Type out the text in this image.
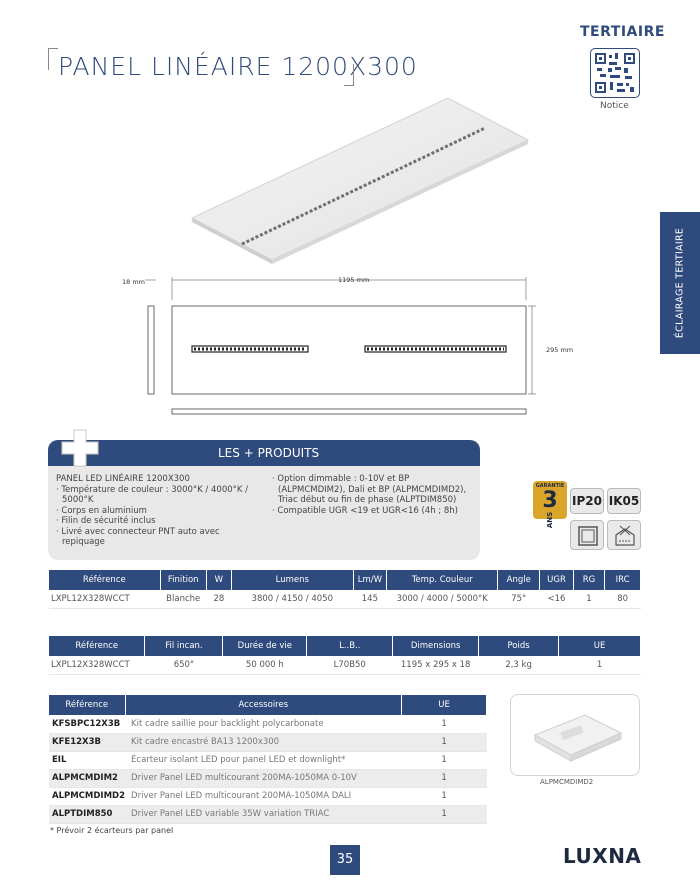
PANEL LINÉAIRE 1200X300
TERTIAIRE
Notice
ÉCLAIRAGE TERTIAIRE
18 mm	1195 mm
295 mm
LES + PRODUITS
PANEL LED LINÉAIRE 1200X300
· Température de couleur : 3000°K / 4000°K /
5000°K
· Corps en aluminium
· Filin de sécurité inclus
· Livré avec connecteur PNT auto avec
repiquage
· Option dimmable : 0-10V et BP
(ALPMCMDIM2), Dali et BP (ALPMCMDIMD2),
Triac début ou fin de phase (ALPTDIM850)
· Compatible UGR <19 et UGR<16 (4h ; 8h)
GARANTIE
3 ANS
IP20 IK05
Référence	Finition	W	Lumens	Lm/W	Temp. Couleur	Angle	UGR	RG	IRC
LXPL12X328WCCT	Blanche	28	3800 / 4150 / 4050	145	3000 / 4000 / 5000°K	75°	<16	1	80
Référence	Fil incan.	Durée de vie	L..B..	Dimensions	Poids	UE
LXPL12X328WCCT	650°	50 000 h	L70B50	1195 x 295 x 18	2,3 kg	1
Référence	Accessoires	UE
KFSBPC12X3B	Kit cadre saillie pour backlight polycarbonate	1
KFE12X3B	Kit cadre encastré BA13 1200x300	1
EIL	Écarteur isolant LED pour panel LED et downlight*	1
ALPMCMDIM2	Driver Panel LED multicourant 200MA-1050MA 0-10V	1
ALPMCMDIMD2	Driver Panel LED multicourant 200MA-1050MA DALI	1
ALPTDIM850	Driver Panel LED variable 35W variation TRIAC	1
ALPMCMDIMD2
* Prévoir 2 écarteurs par panel
35	LUXNA
